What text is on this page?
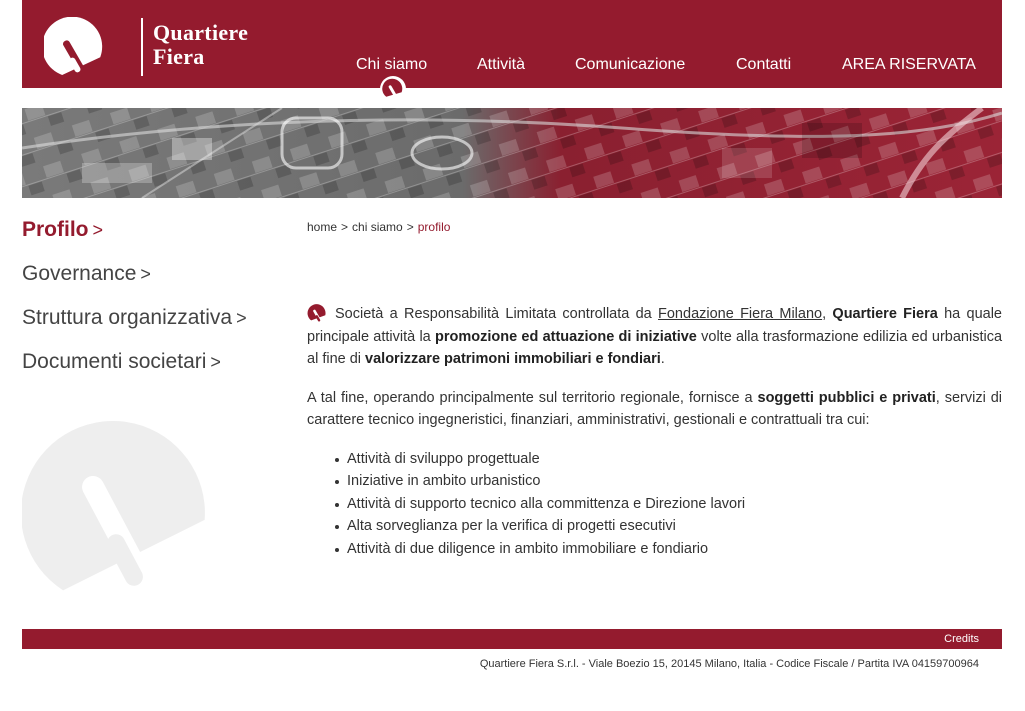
Quartiere
Fiera	Chi siamo	Attività	Comunicazione	Contatti	AREA RISERVATA
Profilo >
Governance >
Struttura organizzativa >
Documenti societari >
home > chi siamo > profilo

Società a Responsabilità Limitata controllata da Fondazione Fiera Milano, Quartiere Fiera ha quale principale attività la promozione ed attuazione di iniziative volte alla trasformazione edilizia ed urbanistica al fine di valorizzare patrimoni immobiliari e fondiari.

A tal fine, operando principalmente sul territorio regionale, fornisce a soggetti pubblici e privati, servizi di carattere tecnico ingegneristici, finanziari, amministrativi, gestionali e contrattuali tra cui:

Attività di sviluppo progettuale
Iniziative in ambito urbanistico
Attività di supporto tecnico alla committenza e Direzione lavori
Alta sorveglianza per la verifica di progetti esecutivi
Attività di due diligence in ambito immobiliare e fondiario
Credits
Quartiere Fiera S.r.l. - Viale Boezio 15, 20145 Milano, Italia - Codice Fiscale / Partita IVA 04159700964
